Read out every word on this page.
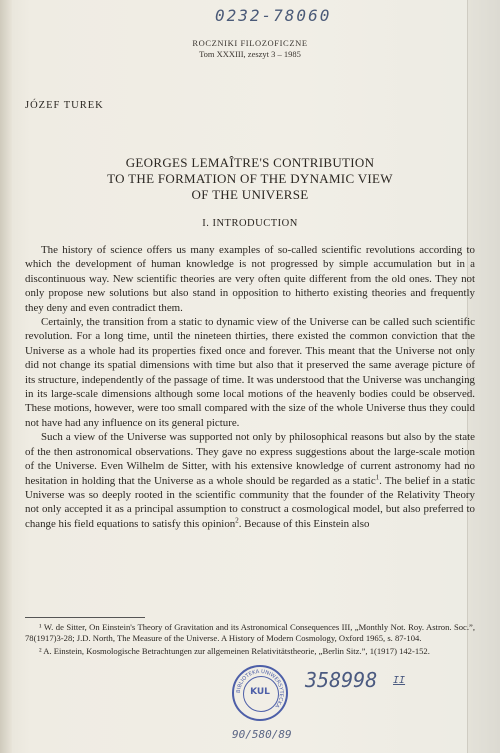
0232-78060
ROCZNIKI FILOZOFICZNE
Tom XXXIII, zeszyt 3 – 1985
JÓZEF TUREK
GEORGES LEMAÎTRE'S CONTRIBUTION
TO THE FORMATION OF THE DYNAMIC VIEW
OF THE UNIVERSE
I. INTRODUCTION

The history of science offers us many examples of so-called scientific revolutions according to which the development of human knowledge is not progressed by simple accumulation but in a discontinuous way. New scientific theories are very often quite different from the old ones. They not only propose new solutions but also stand in opposition to hitherto existing theories and frequently they deny and even contradict them.

Certainly, the transition from a static to dynamic view of the Universe can be called such scientific revolution. For a long time, until the nineteen thirties, there existed the common conviction that the Universe as a whole had its properties fixed once and forever. This meant that the Universe not only did not change its spatial dimensions with time but also that it preserved the same average picture of its structure, independently of the passage of time. It was understood that the Universe was unchanging in its large-scale dimensions although some local motions of the heavenly bodies could be observed. These motions, however, were too small compared with the size of the whole Universe thus they could not have had any influence on its general picture.

Such a view of the Universe was supported not only by philosophical reasons but also by the state of the then astronomical observations. They gave no express suggestions about the large-scale motion of the Universe. Even Wilhelm de Sitter, with his extensive knowledge of current astronomy had no hesitation in holding that the Universe as a whole should be regarded as a static$^1$. The belief in a static Universe was so deeply rooted in the scientific community that the founder of the Relativity Theory not only accepted it as a principal assumption to construct a cosmological model, but also preferred to change his field equations to satisfy this opinion$^2$. Because of this Einstein also

¹ W. de Sitter, On Einstein's Theory of Gravitation and its Astronomical Consequences III, „Monthly Not. Roy. Astron. Soc.”, 78(1917)3-28; J.D. North, The Measure of the Universe. A History of Modern Cosmology, Oxford 1965, s. 87-104.

² A. Einstein, Kosmologische Betrachtungen zur allgemeinen Relativitätstheorie, „Berlin Sitz.”, 1(1917) 142-152.

BIBLIOTEKA UNIWERSYTECKA
KUL	358998 II
90/580/89
